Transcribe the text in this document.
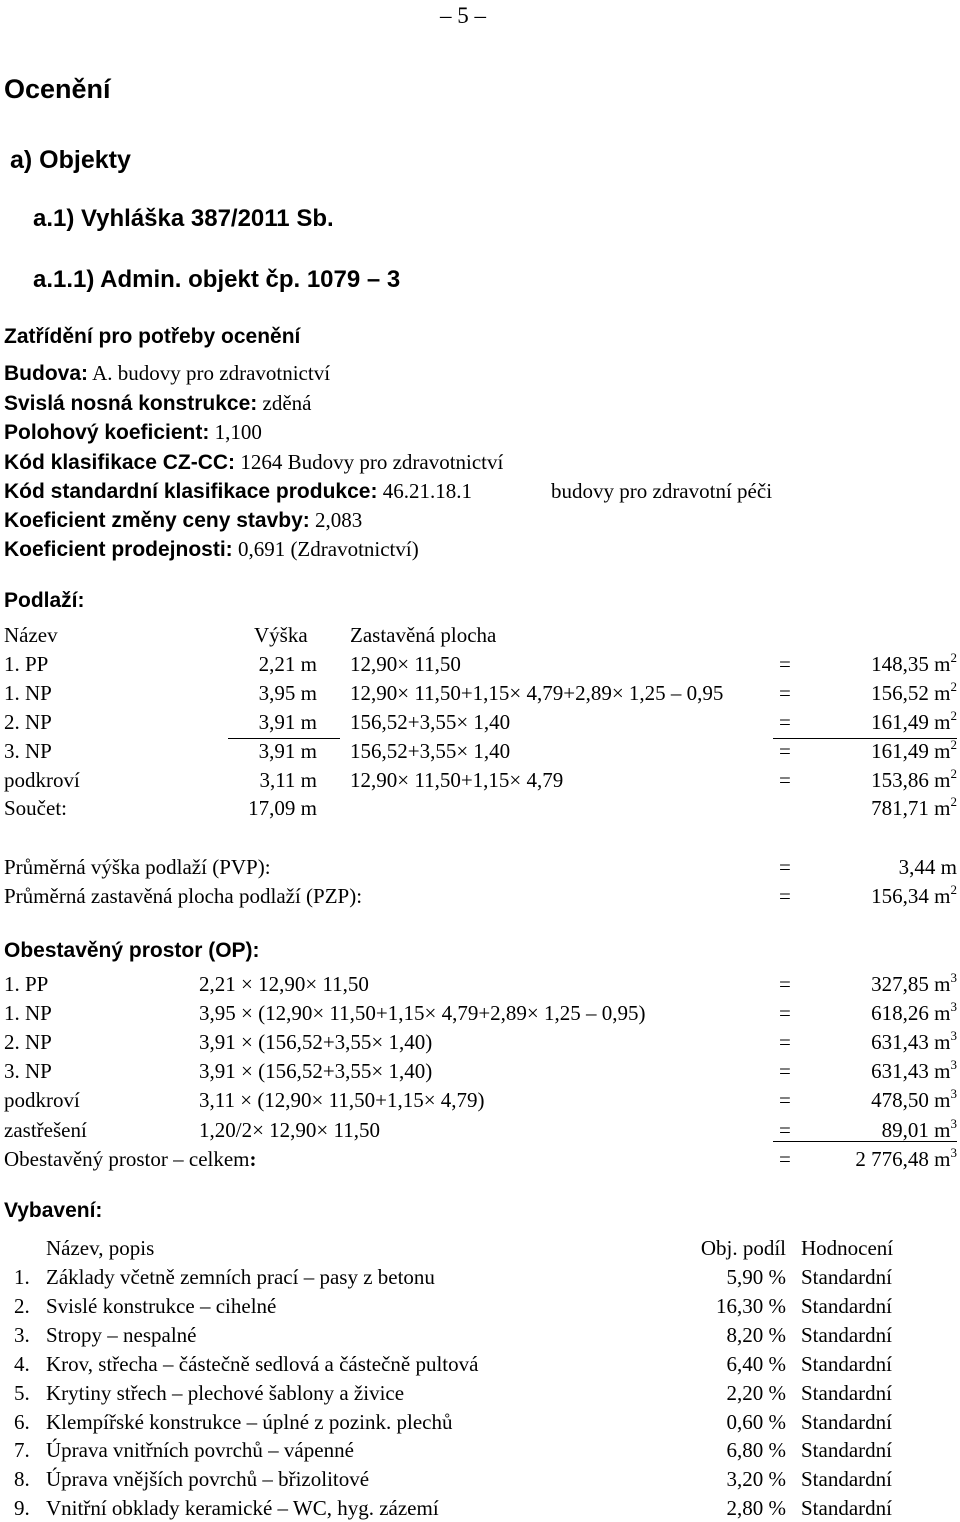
– 5 –
Ocenění
a) Objekty
a.1) Vyhláška 387/2011 Sb.
a.1.1) Admin. objekt čp. 1079 – 3
Zatřídění pro potřeby ocenění
Budova: A. budovy pro zdravotnictví
Svislá nosná konstrukce: zděná
Polohový koeficient: 1,100
Kód klasifikace CZ-CC: 1264 Budovy pro zdravotnictví
Kód standardní klasifikace produkce: 46.21.18.1	budovy pro zdravotní péči
Koeficient změny ceny stavby: 2,083
Koeficient prodejnosti: 0,691 (Zdravotnictví)
Podlaží:
Název	Výška Zastavěná plocha
1. PP	2,21 m 12,90× 11,50	=	148,35 $m^2$
1. NP	3,95 m 12,90× 11,50+1,15× 4,79+2,89× 1,25 – 0,95	=	156,52 $m^2$
2. NP	3,91 m 156,52+3,55× 1,40	=	161,49 $m^2$
3. NP	3,91 m 156,52+3,55× 1,40	=	161,49 $m^2$
podkroví	3,11 m 12,90× 11,50+1,15× 4,79	=	153,86 $m^2$
Součet:	17,09 m	781,71 $m^2$
Průměrná výška podlaží (PVP):	=	3,44 m
Průměrná zastavěná plocha podlaží (PZP):	=	156,34 $m^2$
Obestavěný prostor (OP):
1. PP	2,21 × 12,90× 11,50	=	327,85 $m^3$
1. NP	3,95 × (12,90× 11,50+1,15× 4,79+2,89× 1,25 – 0,95)	=	618,26 $m^3$
2. NP	3,91 × (156,52+3,55× 1,40)	=	631,43 $m^3$
3. NP	3,91 × (156,52+3,55× 1,40)	=	631,43 $m^3$
podkroví	3,11 × (12,90× 11,50+1,15× 4,79)	=	478,50 $m^3$
zastřešení	1,20/2× 12,90× 11,50	=	89,01 $m^3$
Obestavěný prostor – celkem:	=	2 776,48 $m^3$
Vybavení:
Název, popis	Obj. podíl Hodnocení
1. Základy včetně zemních prací – pasy z betonu	5,90 % Standardní
2. Svislé konstrukce – cihelné	16,30 % Standardní
3. Stropy – nespalné	8,20 % Standardní
4. Krov, střecha – částečně sedlová a částečně pultová	6,40 % Standardní
5. Krytiny střech – plechové šablony a živice	2,20 % Standardní
6. Klempířské konstrukce – úplné z pozink. plechů	0,60 % Standardní
7. Úprava vnitřních povrchů – vápenné	6,80 % Standardní
8. Úprava vnějších povrchů – břizolitové	3,20 % Standardní
9. Vnitřní obklady keramické – WC, hyg. zázemí	2,80 % Standardní
